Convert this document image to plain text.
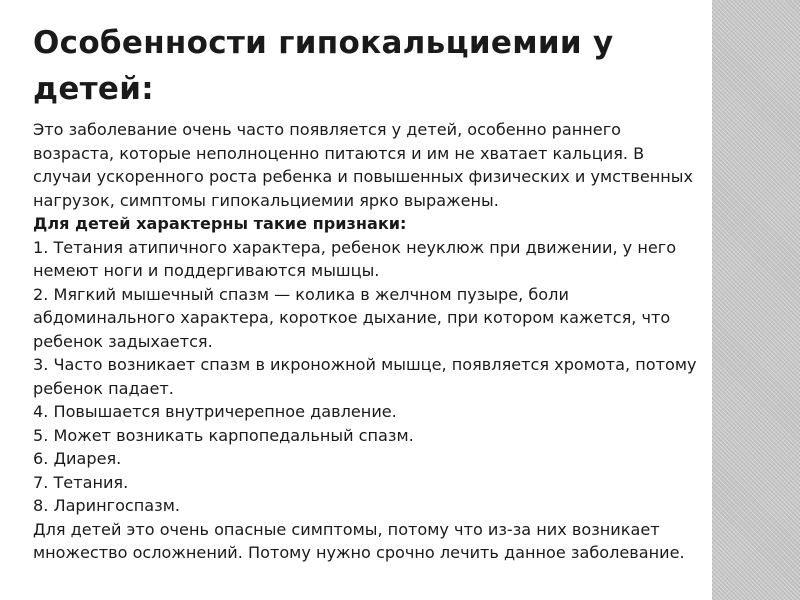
Особенности гипокальциемии у детей:

Это заболевание очень часто появляется у детей, особенно раннего возраста, которые неполноценно питаются и им не хватает кальция. В случаи ускоренного роста ребенка и повышенных физических и умственных нагрузок, симптомы гипокальциемии ярко выражены.

Для детей характерны такие признаки:

1. Тетания атипичного характера, ребенок неуклюж при движении, у него немеют ноги и поддергиваются мышцы.

2. Мягкий мышечный спазм — колика в желчном пузыре, боли абдоминального характера, короткое дыхание, при котором кажется, что ребенок задыхается.

3. Часто возникает спазм в икроножной мышце, появляется хромота, потому ребенок падает.

4. Повышается внутричерепное давление.

5. Может возникать карпопедальный спазм.

6. Диарея.

7. Тетания.

8. Ларингоспазм.

Для детей это очень опасные симптомы, потому что из-за них возникает множество осложнений. Потому нужно срочно лечить данное заболевание.
